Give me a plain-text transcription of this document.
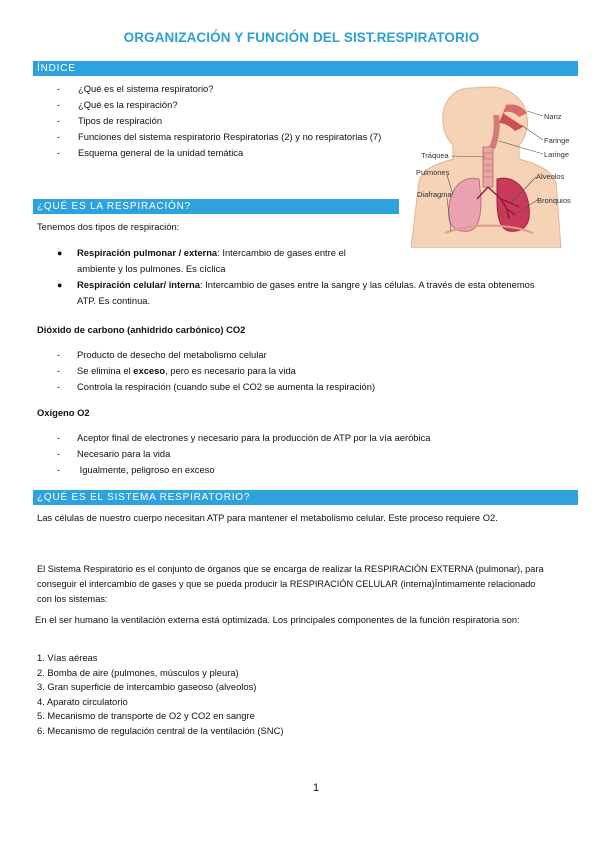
ORGANIZACIÓN Y FUNCIÓN DEL SIST.RESPIRATORIO
ÍNDICE
- ¿Qué es el sistema respiratorio?
- ¿Qué es la respiración?
- Tipos de respiración
- Funciones del sistema respiratorio Respiratorias (2) y no respiratorias (7)
- Esquema general de la unidad temática
Nariz
Faringe
Laringe
Tráquea
Pulmones	Alveolos
Diafragma
Bronquios
¿QUÉ ES LA RESPIRACIÓN?
Tenemos dos tipos de respiración:
● Respiración pulmonar / externa: Intercambio de gases entre el
ambiente y los pulmones. Es cíclica
● Respiración celular/ interna: Intercambio de gases entre la sangre y las células. A través de esta obtenemos
ATP. Es continua.
Dióxido de carbono (anhídrido carbónico) CO2
- Producto de desecho del metabolismo celular
- Se elimina el exceso, pero es necesario para la vida
- Controla la respiración (cuando sube el CO2 se aumenta la respiración)
Oxígeno O2
- Aceptor final de electrones y necesario para la producción de ATP por la vía aeróbica
- Necesario para la vida
- Igualmente, peligroso en exceso
¿QUÉ ES EL SISTEMA RESPIRATORIO?
Las células de nuestro cuerpo necesitan ATP para mantener el metabolismo celular. Este proceso requiere O2.
El Sistema Respiratorio es el conjunto de órganos que se encarga de realizar la RESPIRACIÓN EXTERNA (pulmonar), para
conseguir el intercambio de gases y que se pueda producir la RESPIRACIÓN CELULAR (interna)Íntimamente relacionado
con los sistemas:
En el ser humano la ventilación externa está optimizada. Los principales componentes de la función respiratoria son:
1. Vías aéreas
2. Bomba de aire (pulmones, músculos y pleura)
3. Gran superficie de intercambio gaseoso (alveolos)
4. Aparato circulatorio
5. Mecanismo de transporte de O2 y CO2 en sangre
6. Mecanismo de regulación central de la ventilación (SNC)
1
